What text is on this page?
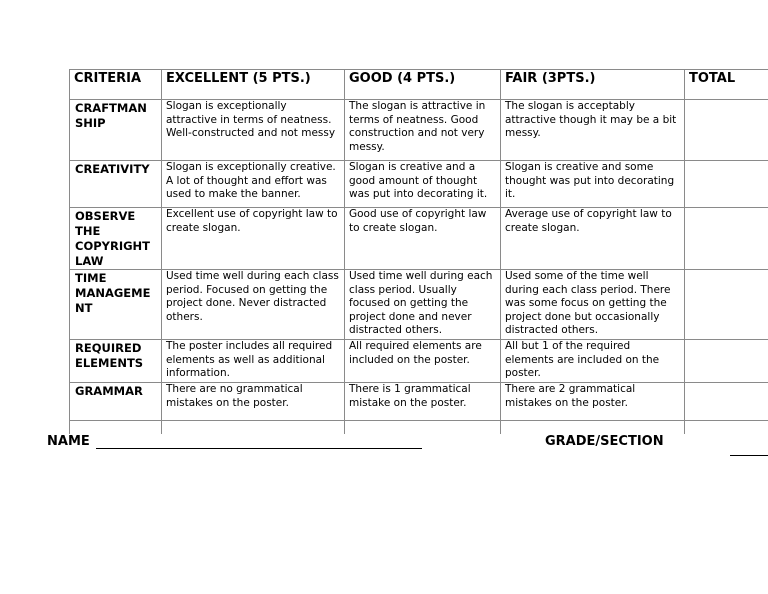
CRITERIA	EXCELLENT (5 PTS.)	GOOD (4 PTS.)	FAIR (3PTS.)	TOTAL
CRAFTMAN SHIP	Slogan is exceptionally attractive in terms of neatness. Well-constructed and not messy	The slogan is attractive in terms of neatness. Good construction and not very messy.	The slogan is acceptably attractive though it may be a bit messy.	
CREATIVITY	Slogan is exceptionally creative. A lot of thought and effort was used to make the banner.	Slogan is creative and a good amount of thought was put into decorating it.	Slogan is creative and some thought was put into decorating it.	
OBSERVE THE COPYRIGHT LAW	Excellent use of copyright law to create slogan.	Good use of copyright law to create slogan.	Average use of copyright law to create slogan.	
TIME MANAGEME NT	Used time well during each class period. Focused on getting the project done. Never distracted others.	Used time well during each class period. Usually focused on getting the project done and never distracted others.	Used some of the time well during each class period. There was some focus on getting the project done but occasionally distracted others.	
REQUIRED ELEMENTS	The poster includes all required elements as well as additional information.	All required elements are included on the poster.	All but 1 of the required elements are included on the poster.	
GRAMMAR	There are no grammatical mistakes on the poster.	There is 1 grammatical mistake on the poster.	There are 2 grammatical mistakes on the poster.	

NAME	GRADE/SECTION
